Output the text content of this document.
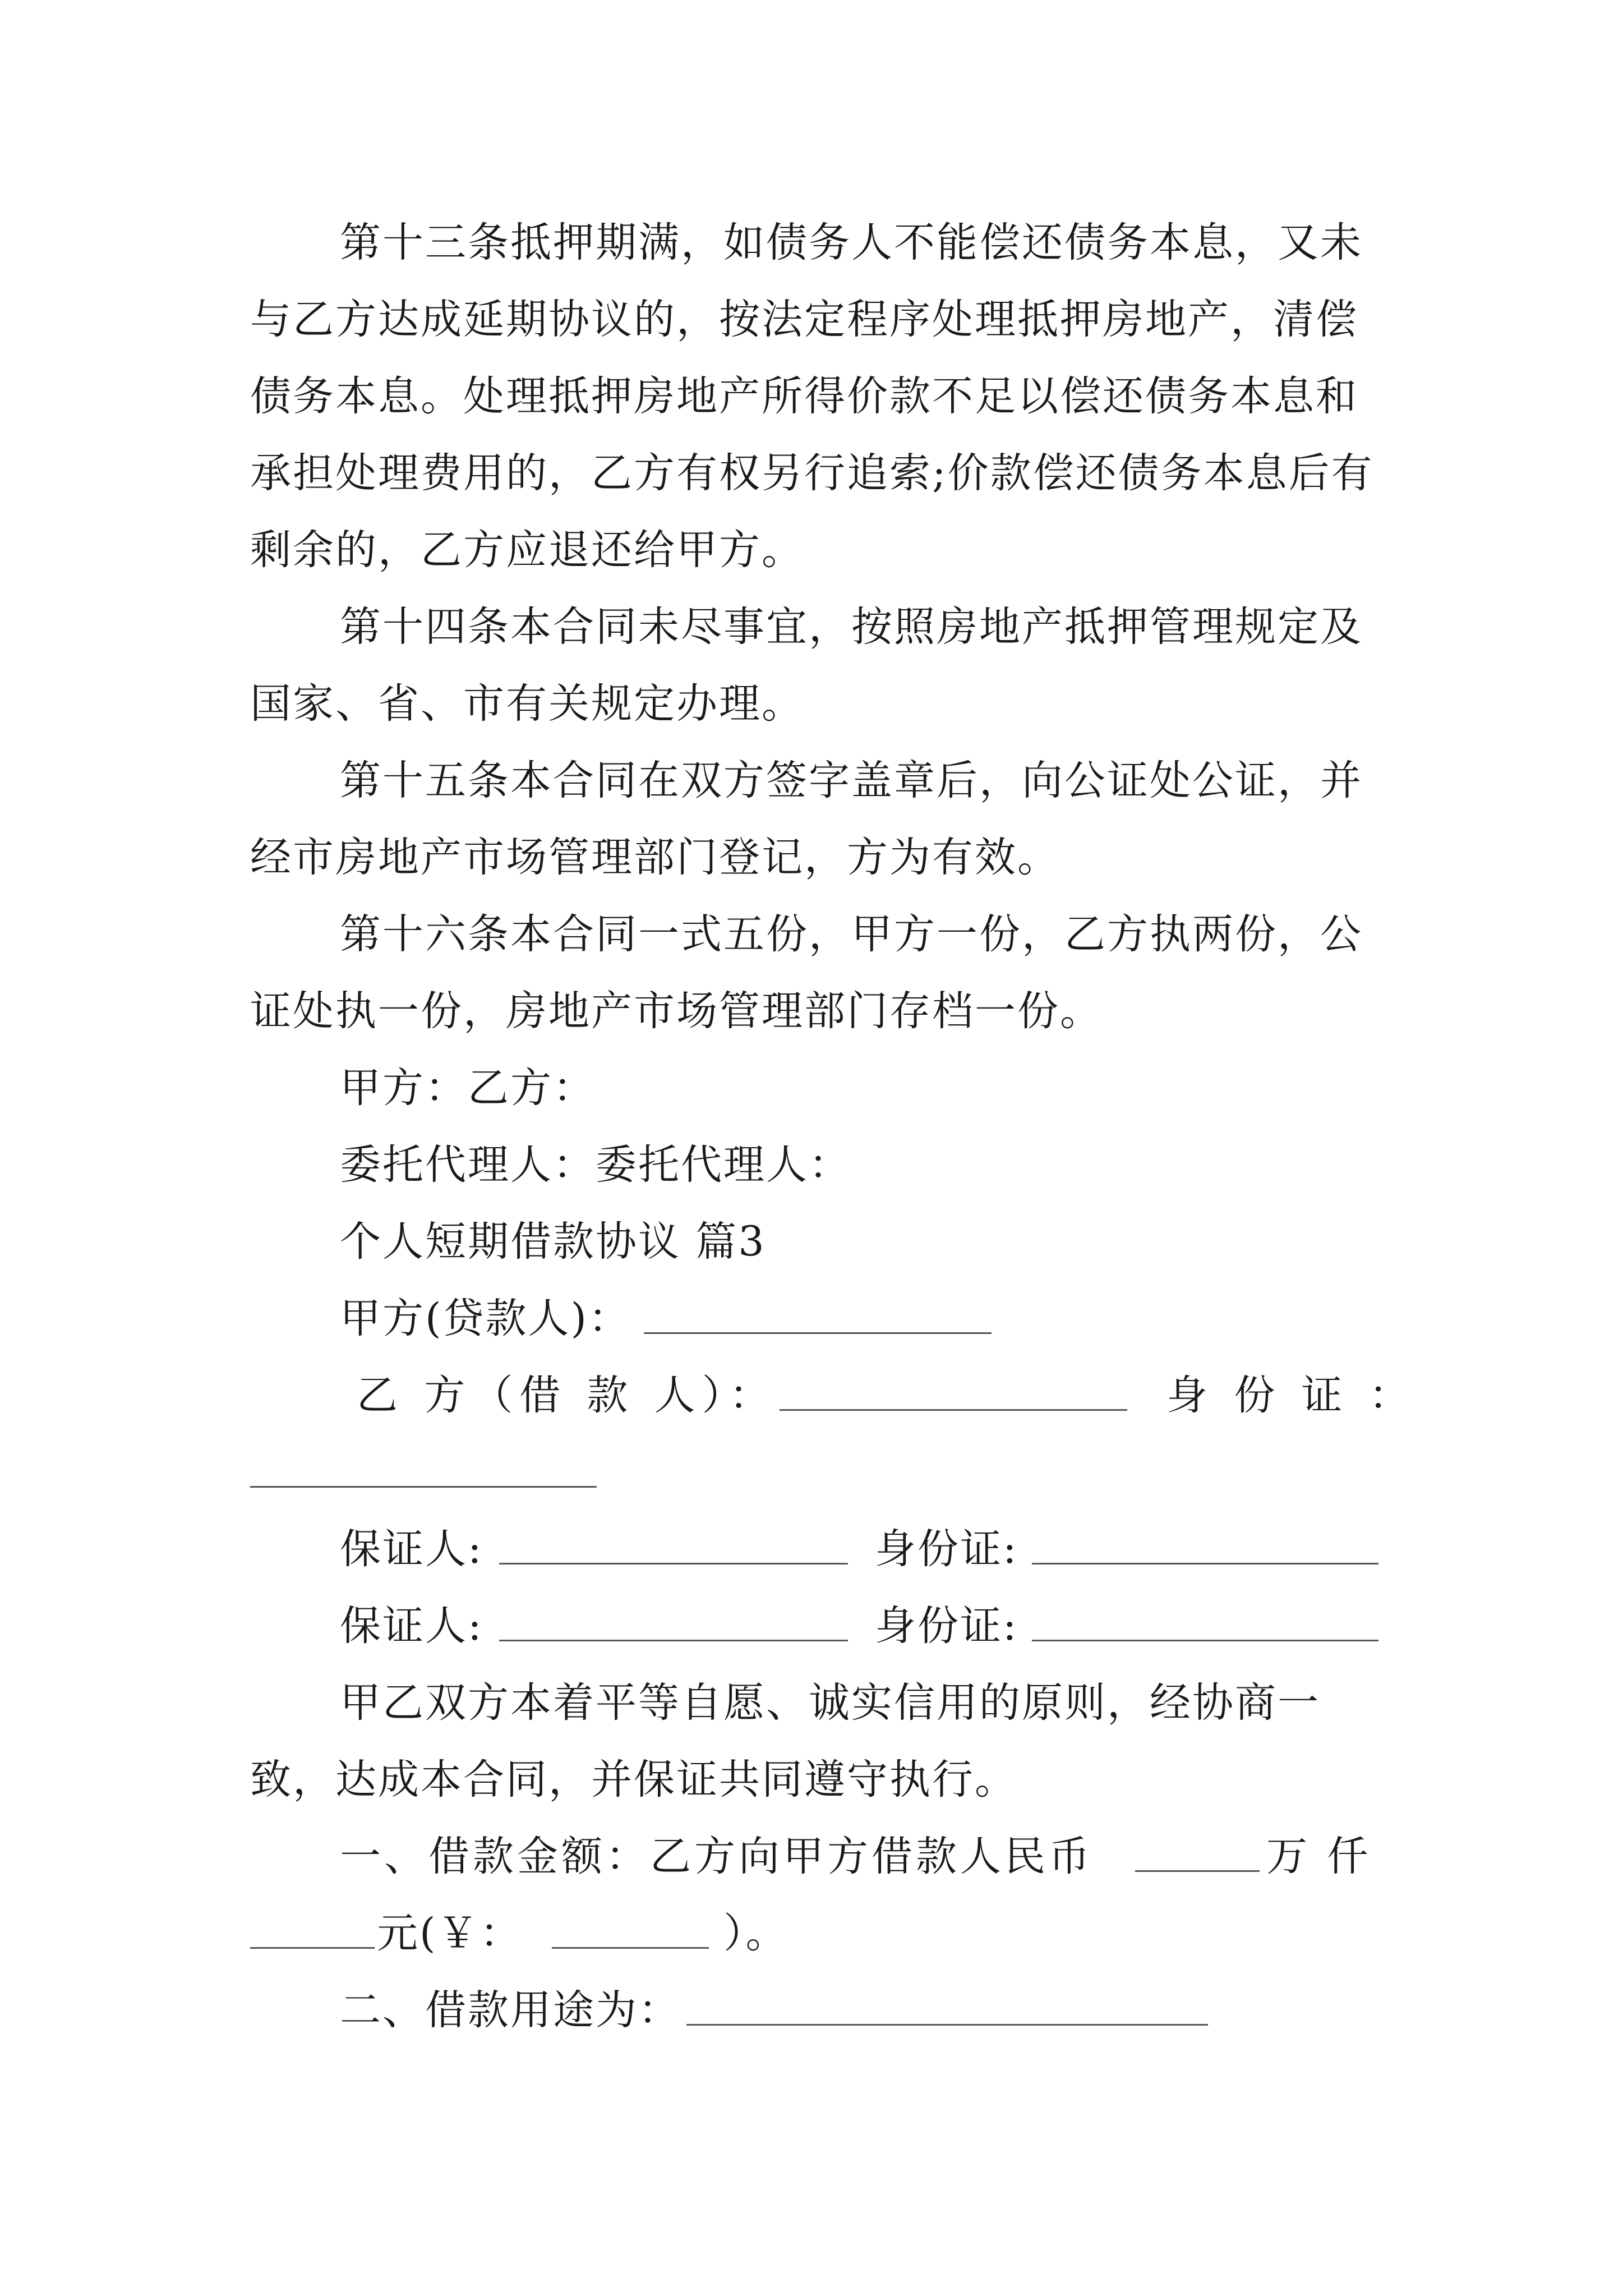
第十三条抵押期满，如债务人不能偿还债务本息，又未与乙方达成延期协议的，按法定程序处理抵押房地产，清偿债务本息。处理抵押房地产所得价款不足以偿还债务本息和承担处理费用的，乙方有权另行追索;价款偿还债务本息后有剩余的，乙方应退还给甲方。

第十四条本合同未尽事宜，按照房地产抵押管理规定及国家、省、市有关规定办理。

第十五条本合同在双方签字盖章后，向公证处公证，并经市房地产市场管理部门登记，方为有效。

第十六条本合同一式五份，甲方一份，乙方执两份，公证处执一份，房地产市场管理部门存档一份。

甲方：乙方：
委托代理人：委托代理人：
个人短期借款协议 篇3
甲方(贷款人)：
乙 方（借 款 人）：	身 份 证 ：
保证人:	身份证:
保证人:	身份证:

甲乙双方本着平等自愿、诚实信用的原则，经协商一致，达成本合同，并保证共同遵守执行。

一、借款金额：乙方向甲方借款人民币	万 仟
元(￥：	）。
二、借款用途为：
